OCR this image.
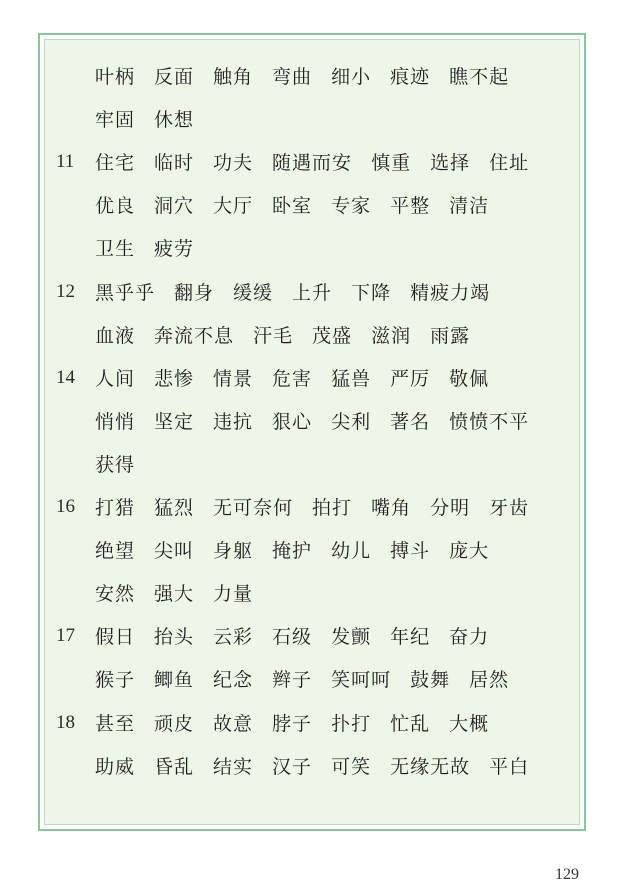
叶柄 反面 触角 弯曲 细小 痕迹 瞧不起
牢固 休想
11 住宅 临时 功夫 随遇而安 慎重 选择 住址
优良 洞穴 大厅 卧室 专家 平整 清洁
卫生 疲劳
12 黑乎乎 翻身 缓缓 上升 下降 精疲力竭
血液 奔流不息 汗毛 茂盛 滋润 雨露
14 人间 悲惨 情景 危害 猛兽 严厉 敬佩
悄悄 坚定 违抗 狠心 尖利 著名 愤愤不平
获得
16 打猎 猛烈 无可奈何 拍打 嘴角 分明 牙齿
绝望 尖叫 身躯 掩护 幼儿 搏斗 庞大
安然 强大 力量
17 假日 抬头 云彩 石级 发颤 年纪 奋力
猴子 鲫鱼 纪念 辫子 笑呵呵 鼓舞 居然
18 甚至 顽皮 故意 脖子 扑打 忙乱 大概
助威 昏乱 结实 汉子 可笑 无缘无故 平白
129
